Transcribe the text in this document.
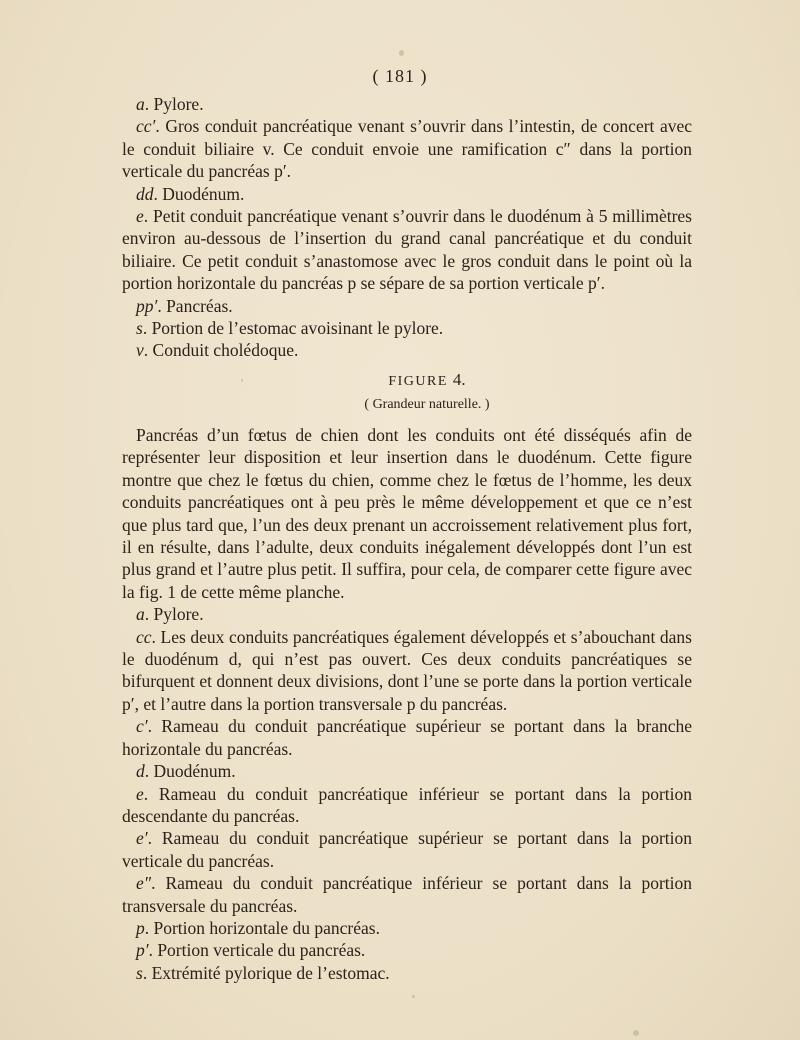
( 181 )

a. Pylore.

cc′. Gros conduit pancréatique venant s’ouvrir dans l’intestin, de concert avec le conduit biliaire v. Ce conduit envoie une ramification c″ dans la portion verticale du pancréas p′.

dd. Duodénum.

e. Petit conduit pancréatique venant s’ouvrir dans le duodénum à 5 millimètres environ au-dessous de l’insertion du grand canal pancréatique et du conduit biliaire. Ce petit conduit s’anastomose avec le gros conduit dans le point où la portion horizontale du pancréas p se sépare de sa portion verticale p′.

pp′. Pancréas.

s. Portion de l’estomac avoisinant le pylore.

v. Conduit cholédoque.

FIGURE 4.

( Grandeur naturelle. )

Pancréas d’un fœtus de chien dont les conduits ont été disséqués afin de représenter leur disposition et leur insertion dans le duodénum. Cette figure montre que chez le fœtus du chien, comme chez le fœtus de l’homme, les deux conduits pancréatiques ont à peu près le même développement et que ce n’est que plus tard que, l’un des deux prenant un accroissement relativement plus fort, il en résulte, dans l’adulte, deux conduits inégalement développés dont l’un est plus grand et l’autre plus petit. Il suffira, pour cela, de comparer cette figure avec la fig. 1 de cette même planche.

a. Pylore.

cc. Les deux conduits pancréatiques également développés et s’abouchant dans le duodénum d, qui n’est pas ouvert. Ces deux conduits pancréatiques se bifurquent et donnent deux divisions, dont l’une se porte dans la portion verticale p′, et l’autre dans la portion transversale p du pancréas.

c′. Rameau du conduit pancréatique supérieur se portant dans la branche horizontale du pancréas.

d. Duodénum.

e. Rameau du conduit pancréatique inférieur se portant dans la portion descendante du pancréas.

e′. Rameau du conduit pancréatique supérieur se portant dans la portion verticale du pancréas.

e″. Rameau du conduit pancréatique inférieur se portant dans la portion transversale du pancréas.

p. Portion horizontale du pancréas.

p′. Portion verticale du pancréas.

s. Extrémité pylorique de l’estomac.
